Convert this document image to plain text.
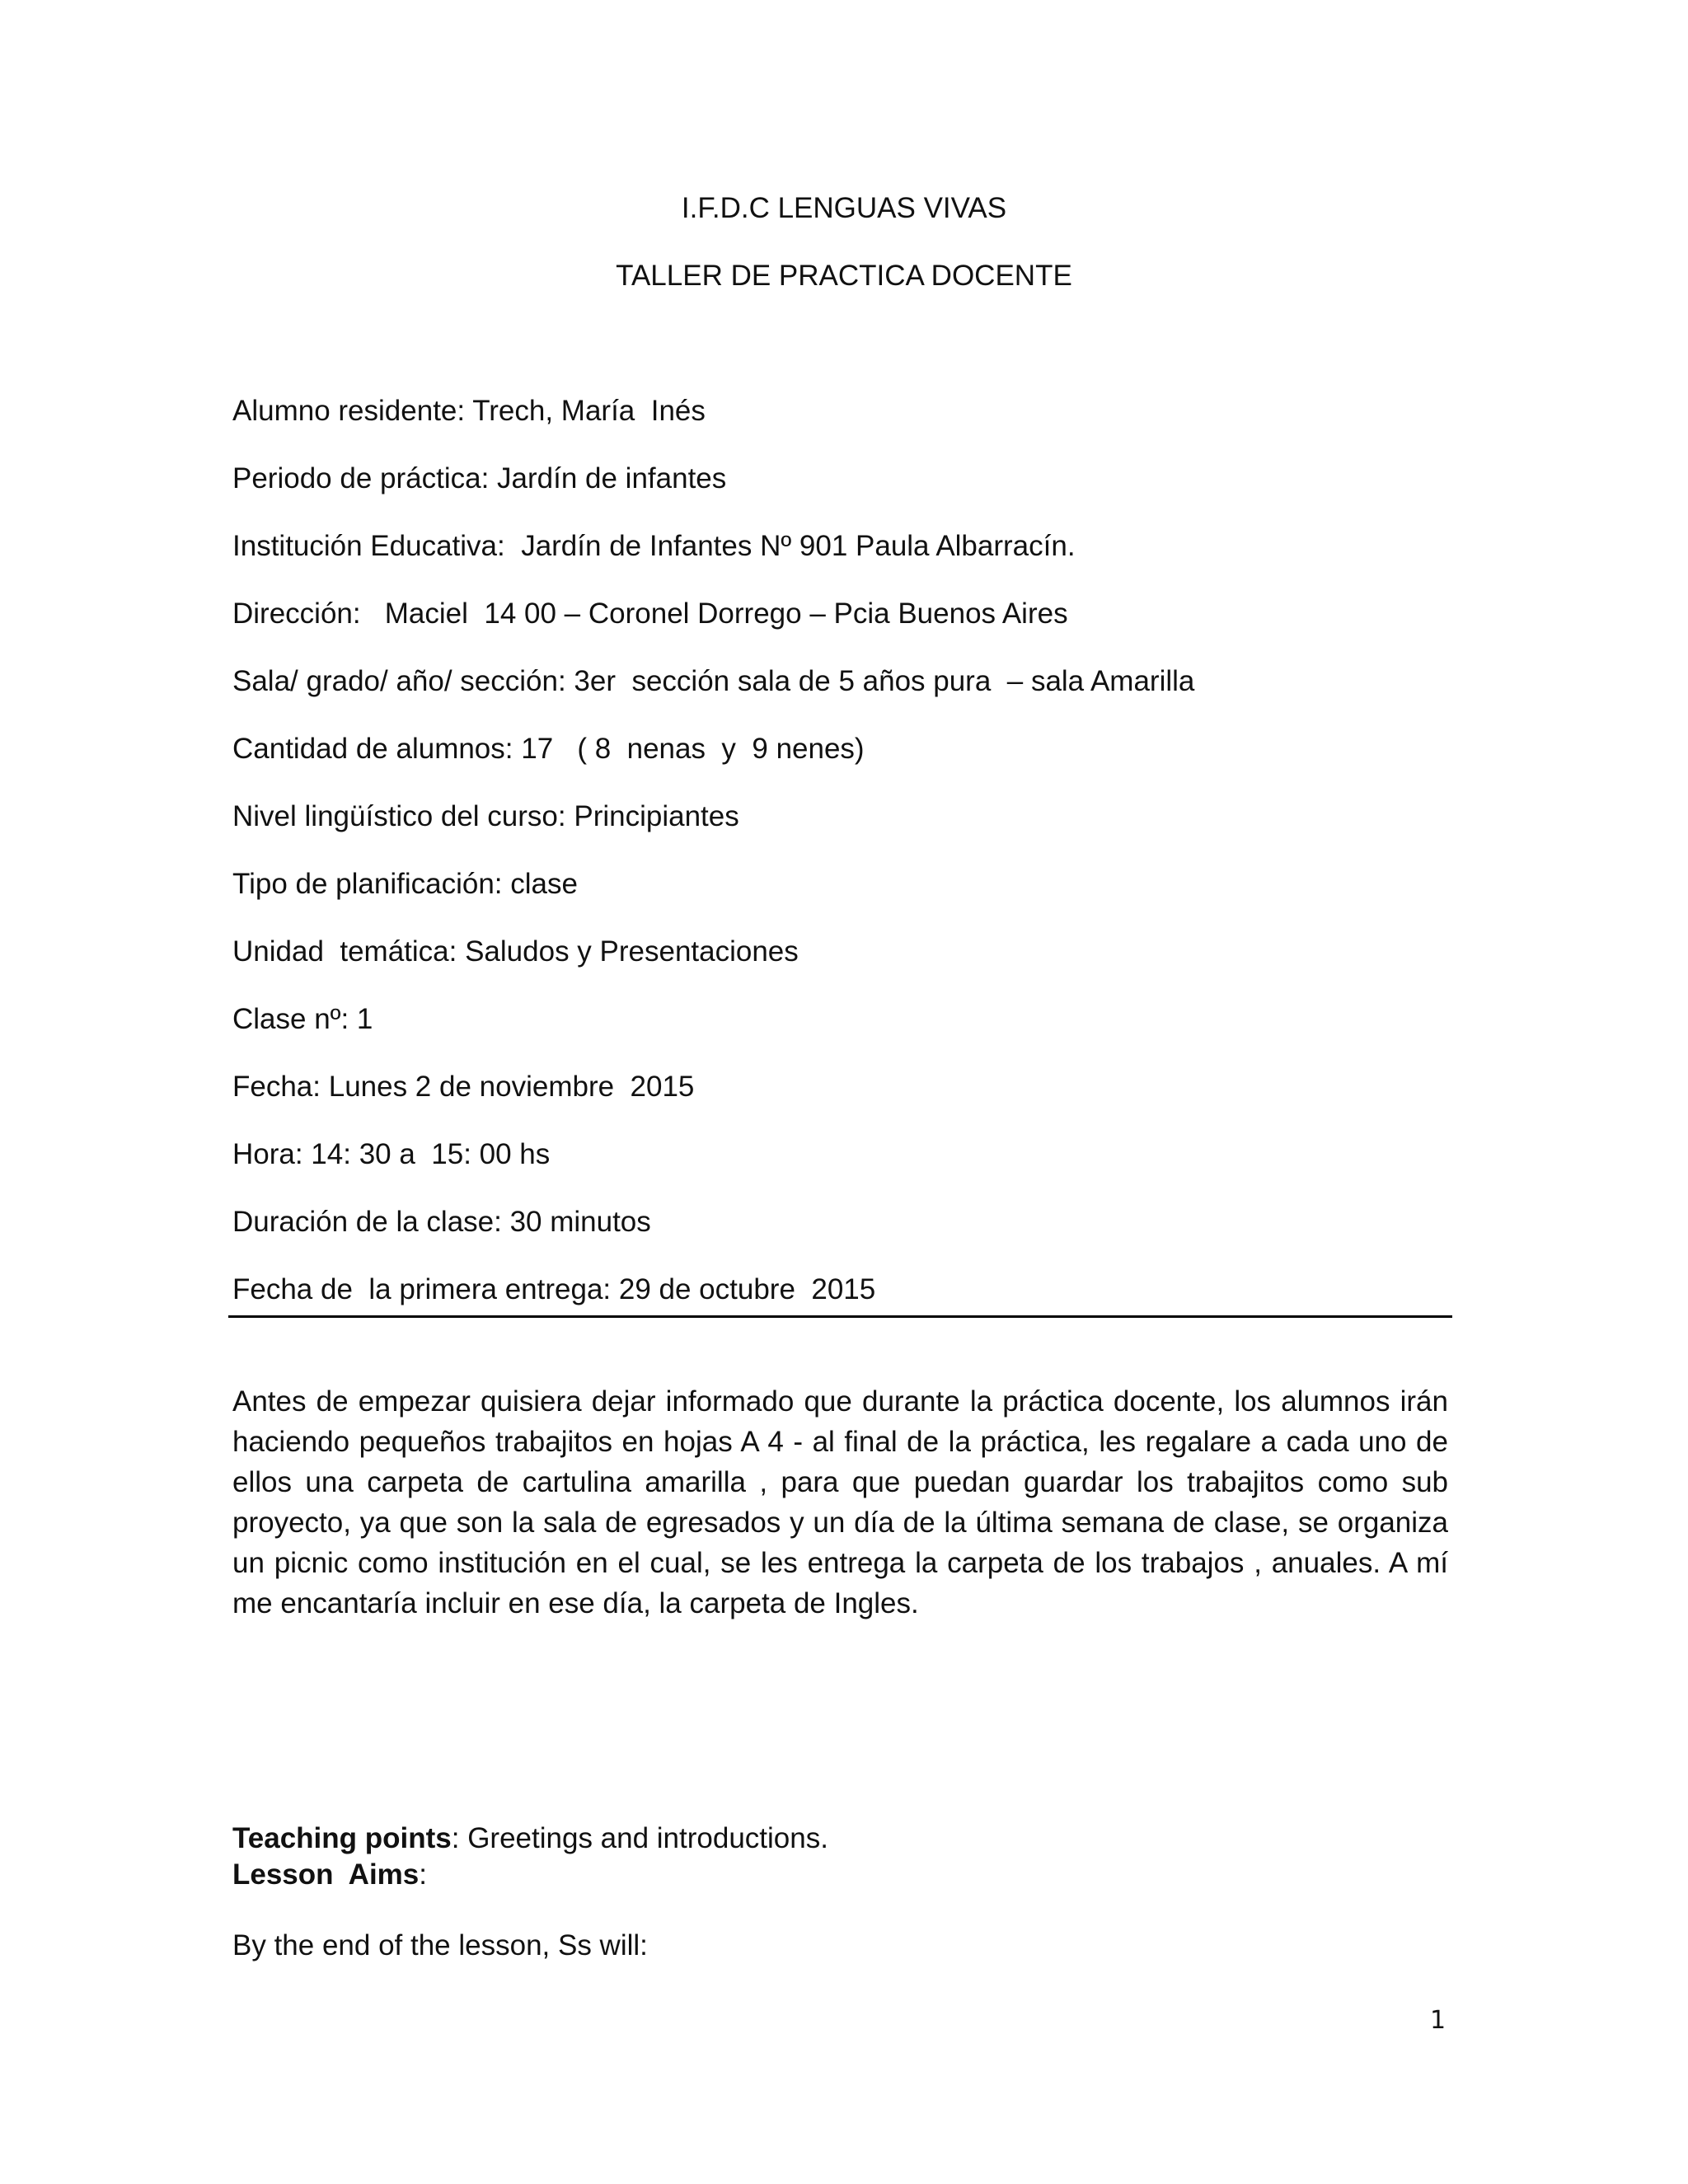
I.F.D.C LENGUAS VIVAS
TALLER DE PRACTICA DOCENTE
Alumno residente: Trech, María  Inés
Periodo de práctica: Jardín de infantes
Institución Educativa:  Jardín de Infantes Nº 901 Paula Albarracín.
Dirección:   Maciel  14 00 – Coronel Dorrego – Pcia Buenos Aires
Sala/ grado/ año/ sección: 3er  sección sala de 5 años pura  – sala Amarilla
Cantidad de alumnos: 17   ( 8  nenas  y  9 nenes)
Nivel lingüístico del curso: Principiantes
Tipo de planificación: clase
Unidad  temática: Saludos y Presentaciones
Clase nº: 1
Fecha: Lunes 2 de noviembre  2015
Hora: 14: 30 a  15: 00 hs
Duración de la clase: 30 minutos
Fecha de  la primera entrega: 29 de octubre  2015
Antes de empezar quisiera dejar informado que durante la práctica docente, los alumnos irán haciendo pequeños trabajitos en hojas A 4 - al final de la práctica, les regalare a cada uno de ellos una carpeta de cartulina amarilla , para que puedan guardar los trabajitos como sub proyecto, ya que son la sala de egresados y un día de la última semana de clase, se organiza un picnic como institución en el cual, se les entrega la carpeta de los trabajos , anuales. A mí me encantaría incluir en ese día, la carpeta de Ingles.
Teaching points: Greetings and introductions.
Lesson  Aims:
By the end of the lesson, Ss will:
1
